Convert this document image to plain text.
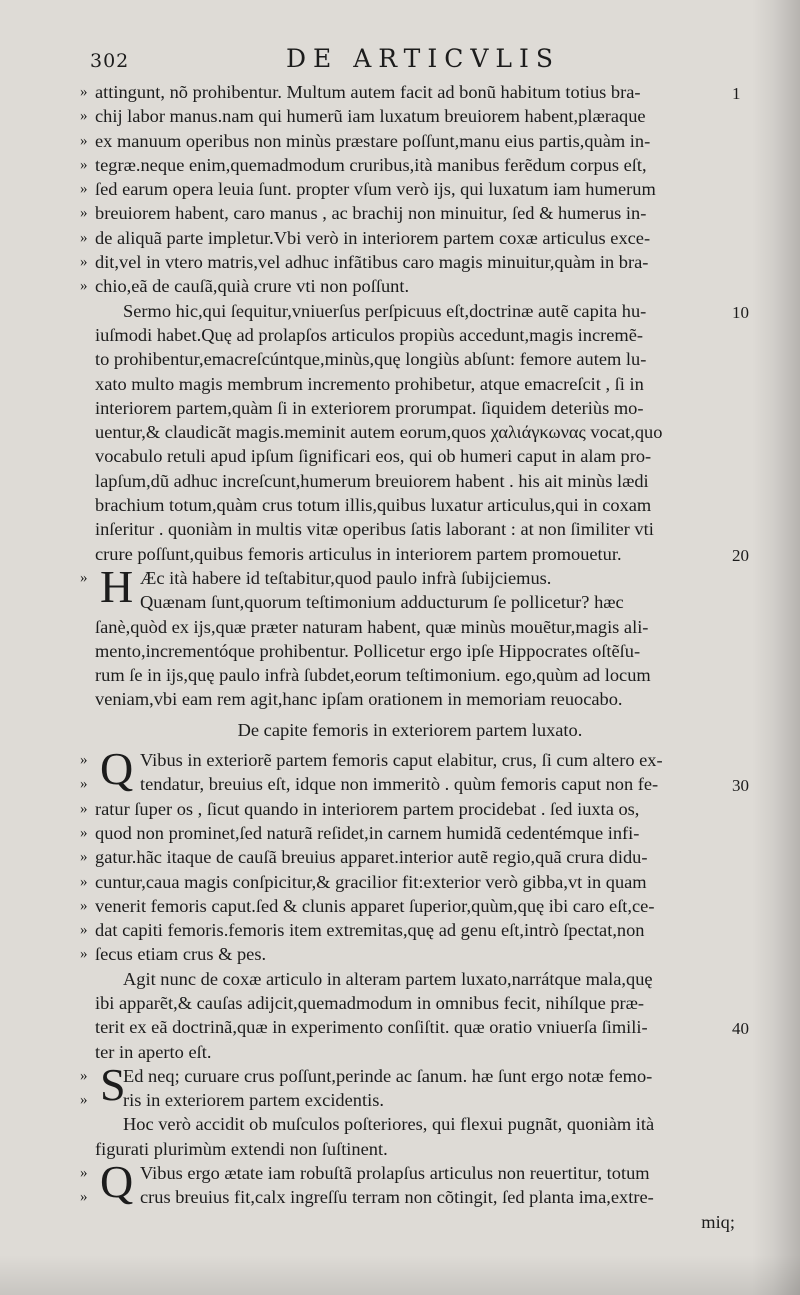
302	DE ARTICVLIS
» attingunt, nõ prohibentur. Multum autem facit ad bonũ habitum totius bra-	1
» chij labor manus.nam qui humerũ iam luxatum breuiorem habent,plæraque
» ex manuum operibus non minùs præstare poſſunt,manu eius partis,quàm in-
» tegræ.neque enim,quemadmodum cruribus,ità manibus ferẽdum corpus eſt,
» ſed earum opera leuia ſunt. propter vſum verò ijs, qui luxatum iam humerum
» breuiorem habent, caro manus , ac brachij non minuitur, ſed & humerus in-
» de aliquã parte impletur.Vbi verò in interiorem partem coxæ articulus exce-
» dit,vel in vtero matris,vel adhuc infãtibus caro magis minuitur,quàm in bra-
» chio,eã de cauſã,quià crure vti non poſſunt.
Sermo hic,qui ſequitur,vniuerſus perſpicuus eſt,doctrinæ autẽ capita hu-	10
iuſmodi habet.Quę ad prolapſos articulos propiùs accedunt,magis incremẽ-
to prohibentur,emacreſcúntque,minùs,quę longiùs abſunt: femore autem lu-
xato multo magis membrum incremento prohibetur, atque emacreſcit , ſi in
interiorem partem,quàm ſi in exteriorem prorumpat. ſiquidem deteriùs mo-
uentur,& claudicãt magis.meminit autem eorum,quos χαλιάγκωνας vocat,quo
vocabulo retuli apud ipſum ſignificari eos, qui ob humeri caput in alam pro-
lapſum,dũ adhuc increſcunt,humerum breuiorem habent . his ait minùs lædi
brachium totum,quàm crus totum illis,quibus luxatur articulus,qui in coxam
inſeritur . quoniàm in multis vitæ operibus ſatis laborant : at non ſimiliter vti
crure poſſunt,quibus femoris articulus in interiorem partem promouetur.	20
» H Æc ità habere id teſtabitur,quod paulo infrà ſubijciemus.
Quænam ſunt,quorum teſtimonium adducturum ſe pollicetur? hæc
ſanè,quòd ex ijs,quæ præter naturam habent, quæ minùs mouẽtur,magis ali-
mento,incrementóque prohibentur. Pollicetur ergo ipſe Hippocrates oſtẽſu-
rum ſe in ijs,quę paulo infrà ſubdet,eorum teſtimonium. ego,quùm ad locum
veniam,vbi eam rem agit,hanc ipſam orationem in memoriam reuocabo.
De capite femoris in exteriorem partem luxato.
» Q Vibus in exteriorẽ partem femoris caput elabitur, crus, ſi cum altero ex-
»	tendatur, breuius eſt, idque non immeritò . quùm femoris caput non fe-	30
» ratur ſuper os , ſicut quando in interiorem partem procidebat . ſed iuxta os,
» quod non prominet,ſed naturã reſidet,in carnem humidã cedentémque infi-
» gatur.hãc itaque de cauſã breuius apparet.interior autẽ regio,quã crura didu-
» cuntur,caua magis conſpicitur,& gracilior fit:exterior verò gibba,vt in quam
» venerit femoris caput.ſed & clunis apparet ſuperior,quùm,quę ibi caro eſt,ce-
» dat capiti femoris.femoris item extremitas,quę ad genu eſt,intrò ſpectat,non
» ſecus etiam crus & pes.
Agit nunc de coxæ articulo in alteram partem luxato,narrátque mala,quę
ibi apparẽt,& cauſas adijcit,quemadmodum in omnibus fecit, nihílque præ-
terit ex eã doctrinã,quæ in experimento conſiſtit. quæ oratio vniuerſa ſimili-	40
ter in aperto eſt.
» S
Ed neq; curuare crus poſſunt,perinde ac ſanum. hæ ſunt ergo notæ femo-
» ris in exteriorem partem excidentis.
Hoc verò accidit ob muſculos poſteriores, qui flexui pugnãt, quoniàm ità
figurati plurimùm extendi non ſuſtinent.
» Q Vibus ergo ætate iam robuſtã prolapſus articulus non reuertitur, totum
»	crus breuius fit,calx ingreſſu terram non cõtingit, ſed planta ima,extre-
miq;
